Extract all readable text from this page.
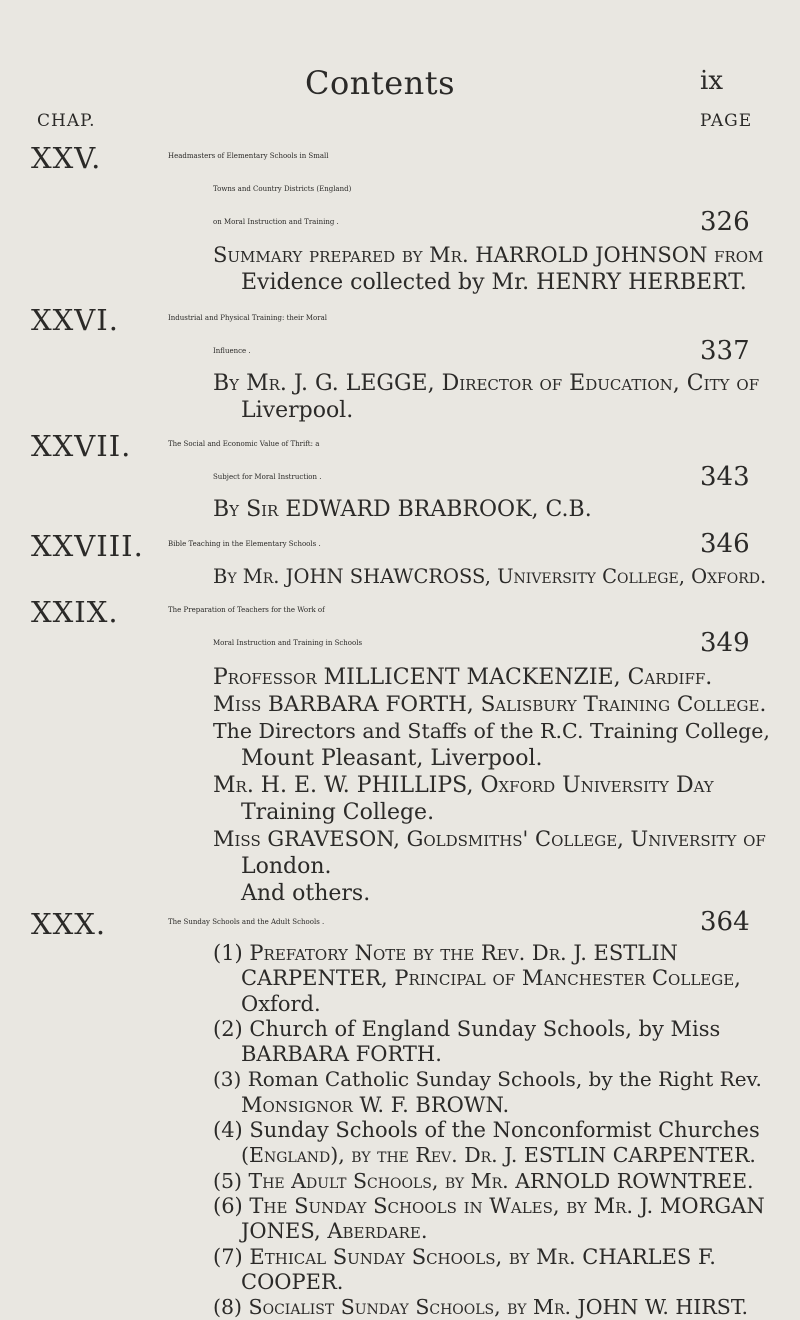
Contents	ix
CHAP.	PAGE
XXV.	Headmasters of Elementary Schools in Small
Towns and Country Districts (England)
on Moral Instruction and Training .	326
Summary prepared by Mr. HARROLD JOHNSON from
Evidence collected by Mr. HENRY HERBERT.
XXVI.	Industrial and Physical Training: their Moral
Influence .	337
By Mr. J. G. LEGGE, Director of Education, City of
Liverpool.
XXVII.	The Social and Economic Value of Thrift: a
Subject for Moral Instruction .	343
By Sir EDWARD BRABROOK, C.B.
XXVIII.	Bible Teaching in the Elementary Schools .	346
By Mr. JOHN SHAWCROSS, University College, Oxford.
XXIX.	The Preparation of Teachers for the Work of
Moral Instruction and Training in Schools	349
Professor MILLICENT MACKENZIE, Cardiff.
Miss BARBARA FORTH, Salisbury Training College.
The Directors and Staffs of the R.C. Training College,
Mount Pleasant, Liverpool.
Mr. H. E. W. PHILLIPS, Oxford University Day
Training College.
Miss GRAVESON, Goldsmiths' College, University of
London.
And others.
XXX.	The Sunday Schools and the Adult Schools .	364
(1) Prefatory Note by the Rev. Dr. J. ESTLIN
CARPENTER, Principal of Manchester College,
Oxford.
(2) Church of England Sunday Schools, by Miss
BARBARA FORTH.
(3) Roman Catholic Sunday Schools, by the Right Rev.
Monsignor W. F. BROWN.
(4) Sunday Schools of the Nonconformist Churches
(England), by the Rev. Dr. J. ESTLIN CARPENTER.
(5) The Adult Schools, by Mr. ARNOLD ROWNTREE.
(6) The Sunday Schools in Wales, by Mr. J. MORGAN
JONES, Aberdare.
(7) Ethical Sunday Schools, by Mr. CHARLES F.
COOPER.
(8) Socialist Sunday Schools, by Mr. JOHN W. HIRST.
